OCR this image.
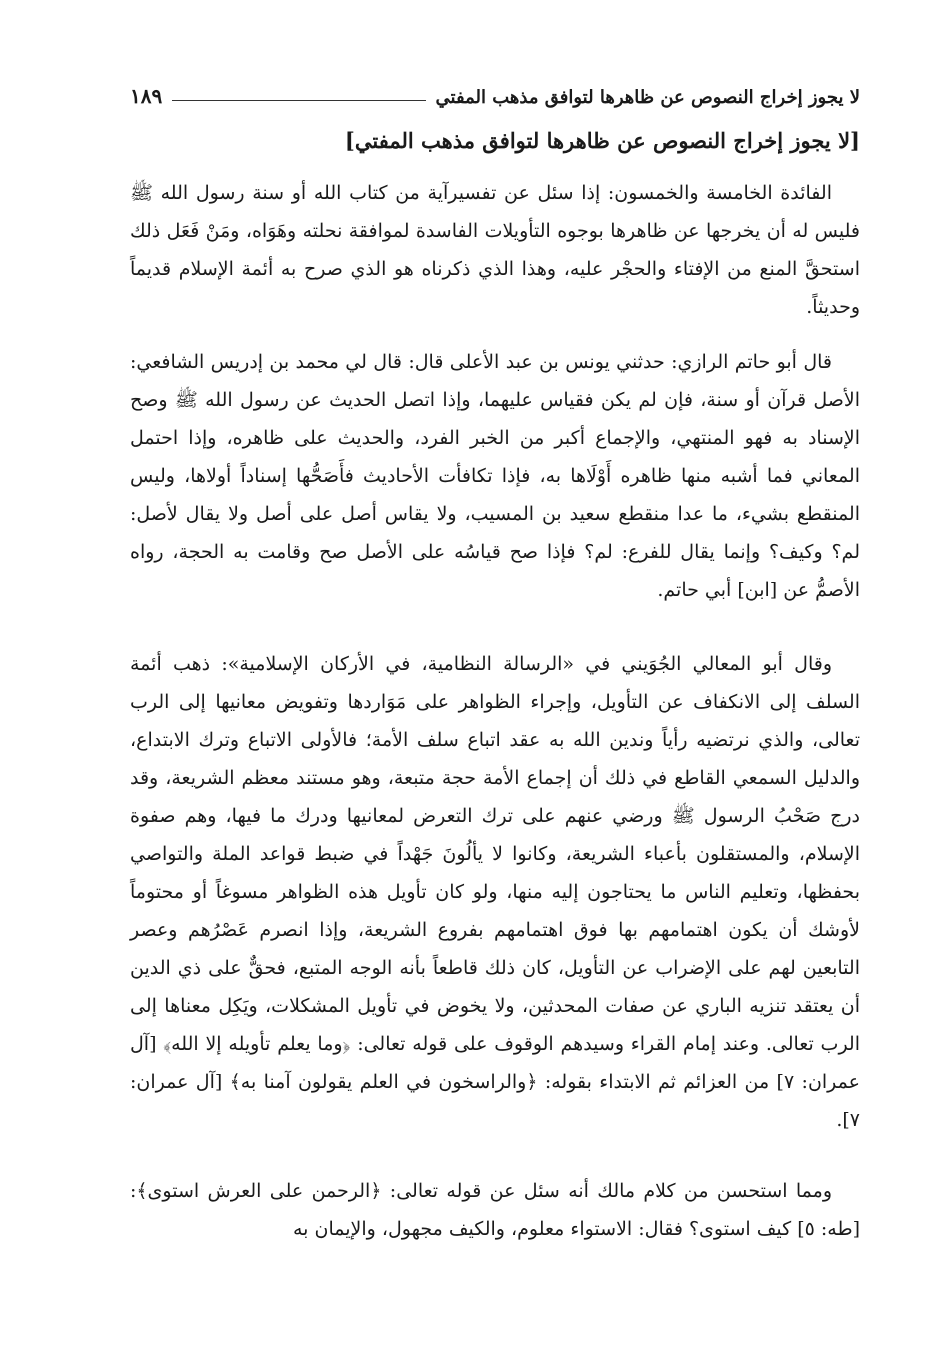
لا يجوز إخراج النصوص عن ظاهرها لتوافق مذهب المفتي
١٨٩
[لا يجوز إخراج النصوص عن ظاهرها لتوافق مذهب المفتي]

الفائدة الخامسة والخمسون: إذا سئل عن تفسيرآية من كتاب الله أو سنة رسول الله ﷺ فليس له أن يخرجها عن ظاهرها بوجوه التأويلات الفاسدة لموافقة نحلته وهَوَاه، ومَنْ فَعَل ذلك استحقَّ المنع من الإفتاء والحجْر عليه، وهذا الذي ذكرناه هو الذي صرح به أئمة الإسلام قديماً وحديثاً.

قال أبو حاتم الرازي: حدثني يونس بن عبد الأعلى قال: قال لي محمد بن إدريس الشافعي: الأصل قرآن أو سنة، فإن لم يكن فقياس عليهما، وإذا اتصل الحديث عن رسول الله ﷺ وصح الإسناد به فهو المنتهي، والإجماع أكبر من الخبر الفرد، والحديث على ظاهره، وإذا احتمل المعاني فما أشبه منها ظاهره أَوْلَاها به، فإذا تكافأت الأحاديث فأَصَحُّها إسناداً أولاها، وليس المنقطع بشيء، ما عدا منقطع سعيد بن المسيب، ولا يقاس أصل على أصل ولا يقال لأصل: لم؟ وكيف؟ وإنما يقال للفرع: لم؟ فإذا صح قياسُه على الأصل صح وقامت به الحجة، رواه الأصمُّ عن [ابن] أبي حاتم.

وقال أبو المعالي الجُوَيني في «الرسالة النظامية، في الأركان الإسلامية»: ذهب أئمة السلف إلى الانكفاف عن التأويل، وإجراء الظواهر على مَوَاردها وتفويض معانيها إلى الرب تعالى، والذي نرتضيه رأياً وندين الله به عقد اتباع سلف الأمة؛ فالأولى الاتباع وترك الابتداع، والدليل السمعي القاطع في ذلك أن إجماع الأمة حجة متبعة، وهو مستند معظم الشريعة، وقد درج صَحْبُ الرسول ﷺ ورضي عنهم على ترك التعرض لمعانيها ودرك ما فيها، وهم صفوة الإسلام، والمستقلون بأعباء الشريعة، وكانوا لا يألُونَ جَهْداً في ضبط قواعد الملة والتواصي بحفظها، وتعليم الناس ما يحتاجون إليه منها، ولو كان تأويل هذه الظواهر مسوغاً أو محتوماً لأوشك أن يكون اهتمامهم بها فوق اهتمامهم بفروع الشريعة، وإذا انصرم عَصْرُهم وعصر التابعين لهم على الإضراب عن التأويل، كان ذلك قاطعاً بأنه الوجه المتبع، فحقٌّ على ذي الدين أن يعتقد تنزيه الباري عن صفات المحدثين، ولا يخوض في تأويل المشكلات، ويَكِل معناها إلى الرب تعالى. وعند إمام القراء وسيدهم الوقوف على قوله تعالى: ﴿وما يعلم تأويله إلا الله﴾ [آل عمران: ٧] من العزائم ثم الابتداء بقوله: ﴿والراسخون في العلم يقولون آمنا به﴾ [آل عمران: ٧].

ومما استحسن من كلام مالك أنه سئل عن قوله تعالى: ﴿الرحمن على العرش استوى﴾: [طه: ٥] كيف استوى؟ فقال: الاستواء معلوم، والكيف مجهول، والإيمان به
